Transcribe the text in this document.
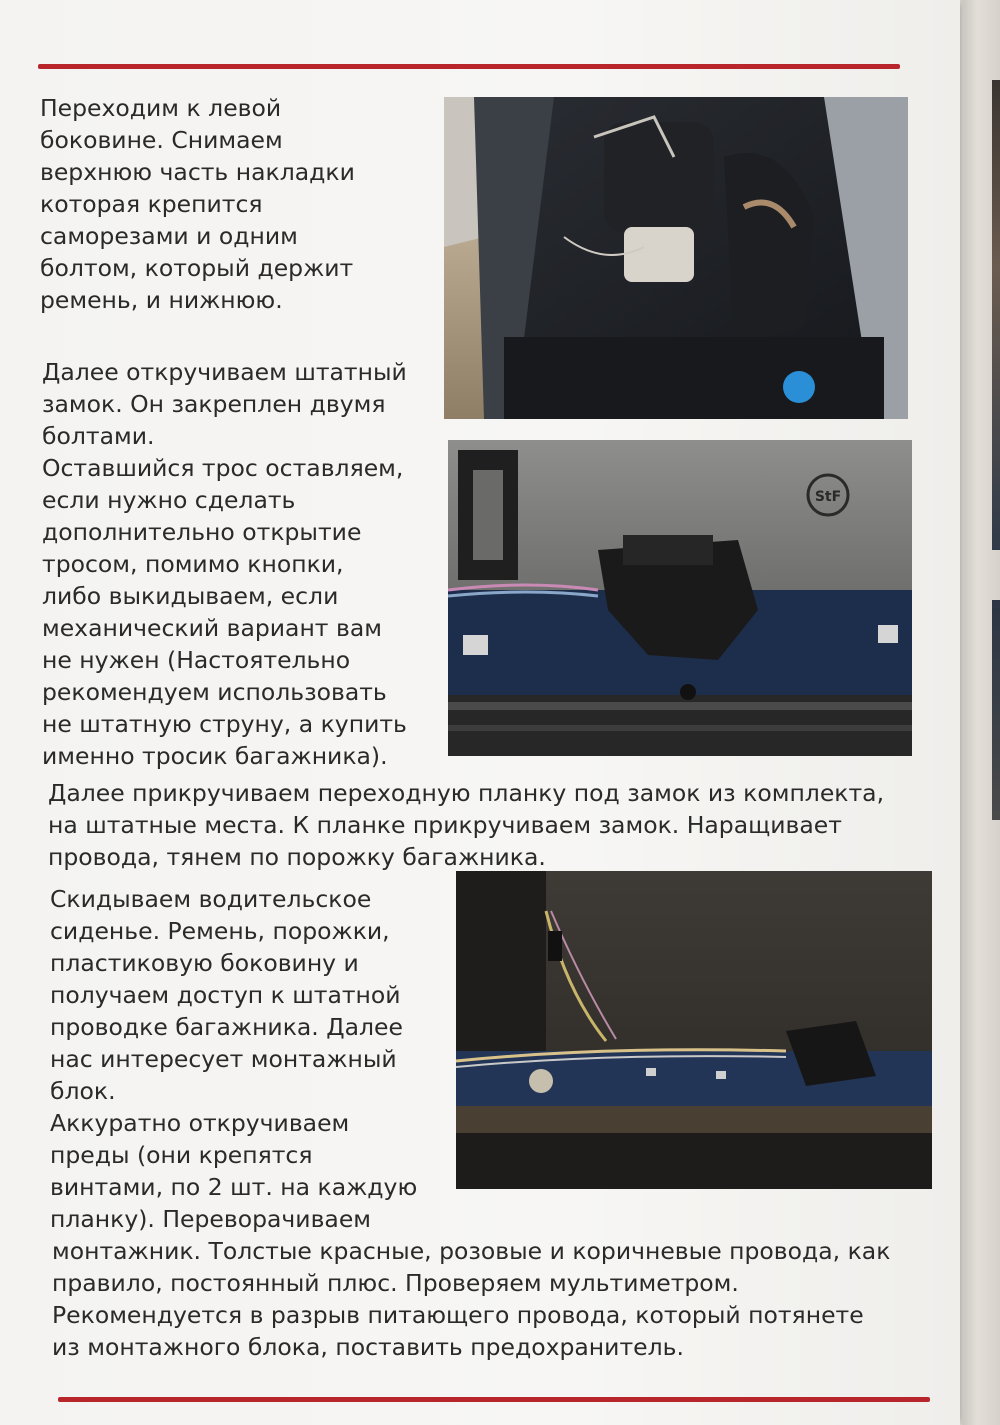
Переходим к левой
боковине. Снимаем
верхнюю часть накладки
которая крепится
саморезами и одним
болтом, который держит
ремень, и нижнюю.

Далее откручиваем штатный
замок. Он закреплен двумя
болтами.
Оставшийся трос оставляем,
если нужно сделать
дополнительно открытие
тросом, помимо кнопки,
либо выкидываем, если
механический вариант вам
не нужен (Настоятельно
рекомендуем использовать
не штатную струну, а купить
именно тросик багажника).

StF

Далее прикручиваем переходную планку под замок из комплекта,
на штатные места. К планке прикручиваем замок. Наращивает
провода, тянем по порожку багажника.

Скидываем водительское
сиденье. Ремень, порожки,
пластиковую боковину и
получаем доступ к штатной
проводке багажника. Далее
нас интересует монтажный
блок.
Аккуратно откручиваем
преды (они крепятся
винтами, по 2 шт. на каждую
планку). Переворачиваем

монтажник. Толстые красные, розовые и коричневые провода, как
правило, постоянный плюс. Проверяем мультиметром.
Рекомендуется в разрыв питающего провода, который потянете
из монтажного блока, поставить предохранитель.
